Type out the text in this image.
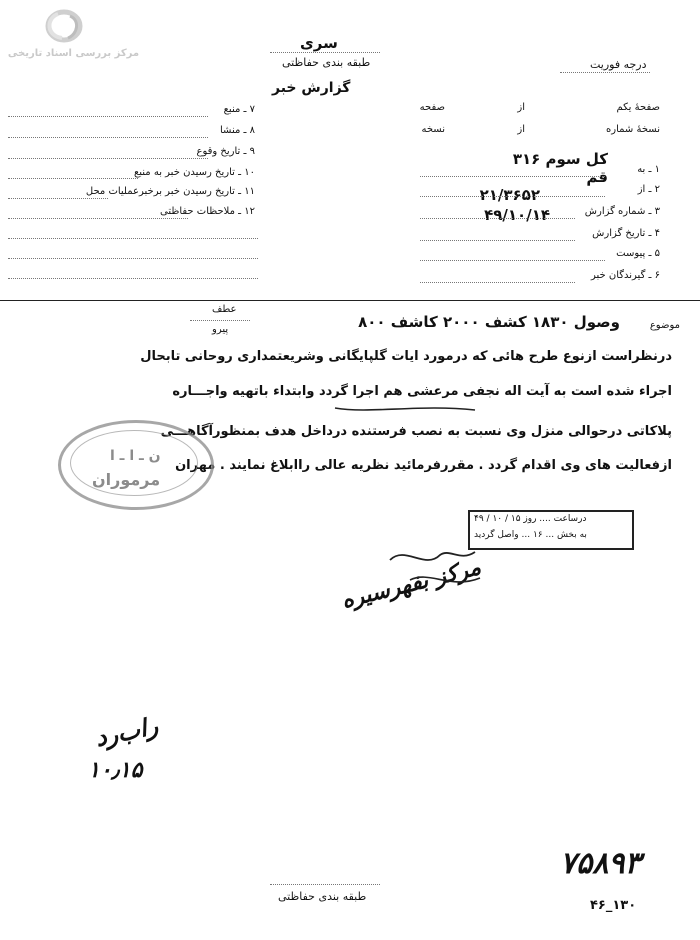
مرکز بررسی اسناد تاریخی
سری
طبقه بندی حفاظتی	درجه فوریت
گزارش خبر
۷ ـ منبع
۸ ـ منشا
۹ ـ تاریخ وقوع
۱۰ ـ تاریخ رسیدن خبر به منبع
۱۱ ـ تاریخ رسیدن خبر برخبرعملیات محل
۱۲ ـ ملاحظات حفاظتی
صفحهٔ یکم
از
صفحه
نسخهٔ شماره
از
نسخه
۱ ـ به
کل سوم ۳۱۶
۲ ـ از
قم
۳ ـ شماره گزارش
۲۱/۳۶۵۲
۴ ـ تاریخ گزارش
۴۹/۱۰/۱۴
۵ ـ پیوست
۶ ـ گیرندگان خبر
موضوع
وصول ۱۸۳۰ کشف ۲۰۰۰ کاشف ۸۰۰
عطف
پیرو
درنظراست ازنوع طرح هائی که درمورد ایات گلپایگانی وشریعتمداری روحانی تابحال
اجراء شده است به آیت اله نجفی مرعشی هم اجرا گردد وابتداء باتهیه واجـــاره
پلاکاتی درحوالی منزل وی نسبت به نصب فرستنده درداخل هدف بمنظورآگاهـــی
ازفعالیت های وی اقدام گردد . مقررفرمائید نظریه عالی راابلاغ نمایند . مهران
ن ـ ا ـ ا
مرموران
درساعت .... روز ۱۵ / ۱۰ / ۴۹
به بخش ... ۱۶ ... واصل گردید
مرکز بفهرسیره
راب‌رد
۱۰٫۱۵
طبقه بندی حفاظتی
۷۵۸۹۳
۱۳۰_۴۶
